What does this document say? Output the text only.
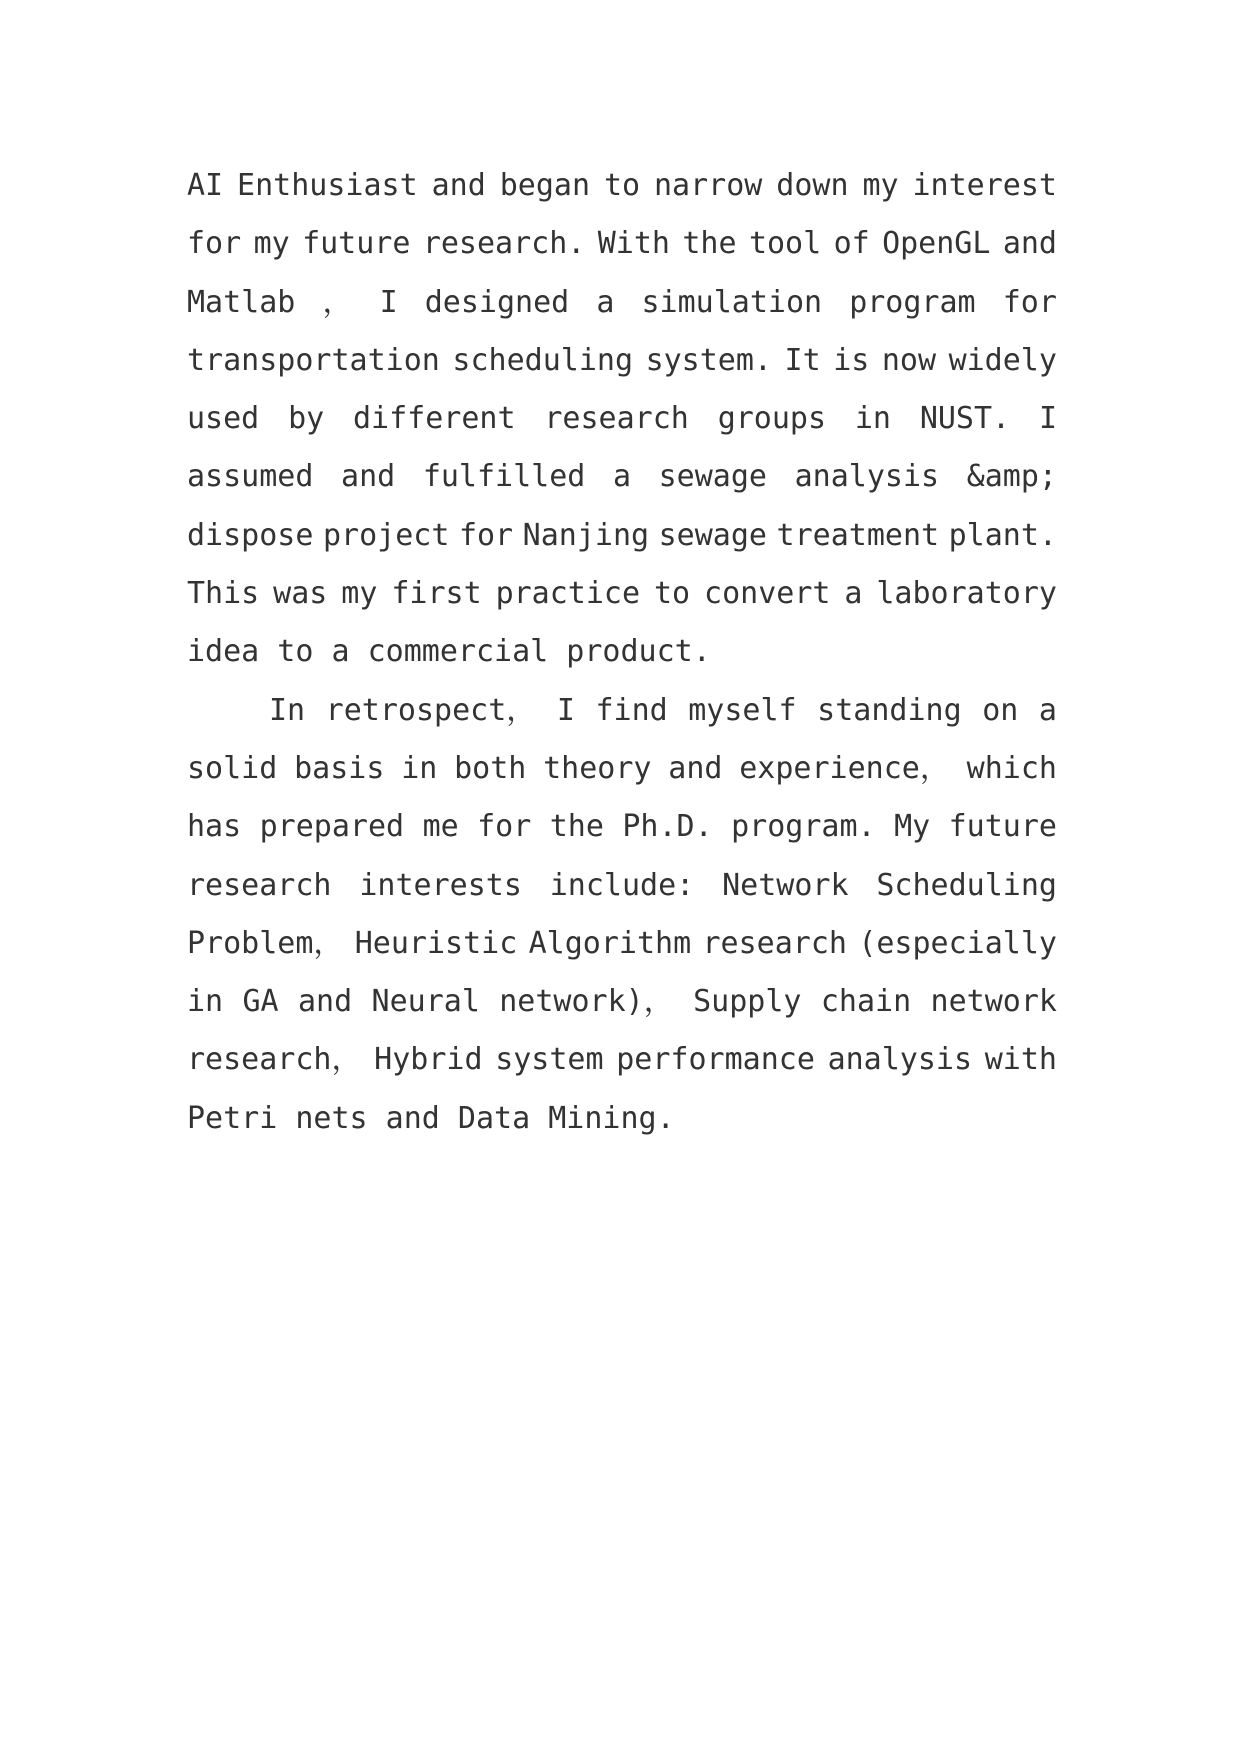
AI Enthusiast and began to narrow down my interest
for my future research. With the tool of OpenGL and
Matlab ， I designed a simulation program for
transportation scheduling system. It is now widely
used by different research groups in NUST. I
assumed and fulfilled a sewage analysis &amp;
dispose project for Nanjing sewage treatment plant.
This was my first practice to convert a laboratory
idea to a commercial product.
In retrospect， I find myself standing on a
solid basis in both theory and experience， which
has prepared me for the Ph.D. program. My future
research interests include: Network Scheduling
Problem， Heuristic Algorithm research (especially
in GA and Neural network)， Supply chain network
research， Hybrid system performance analysis with
Petri nets and Data Mining.
